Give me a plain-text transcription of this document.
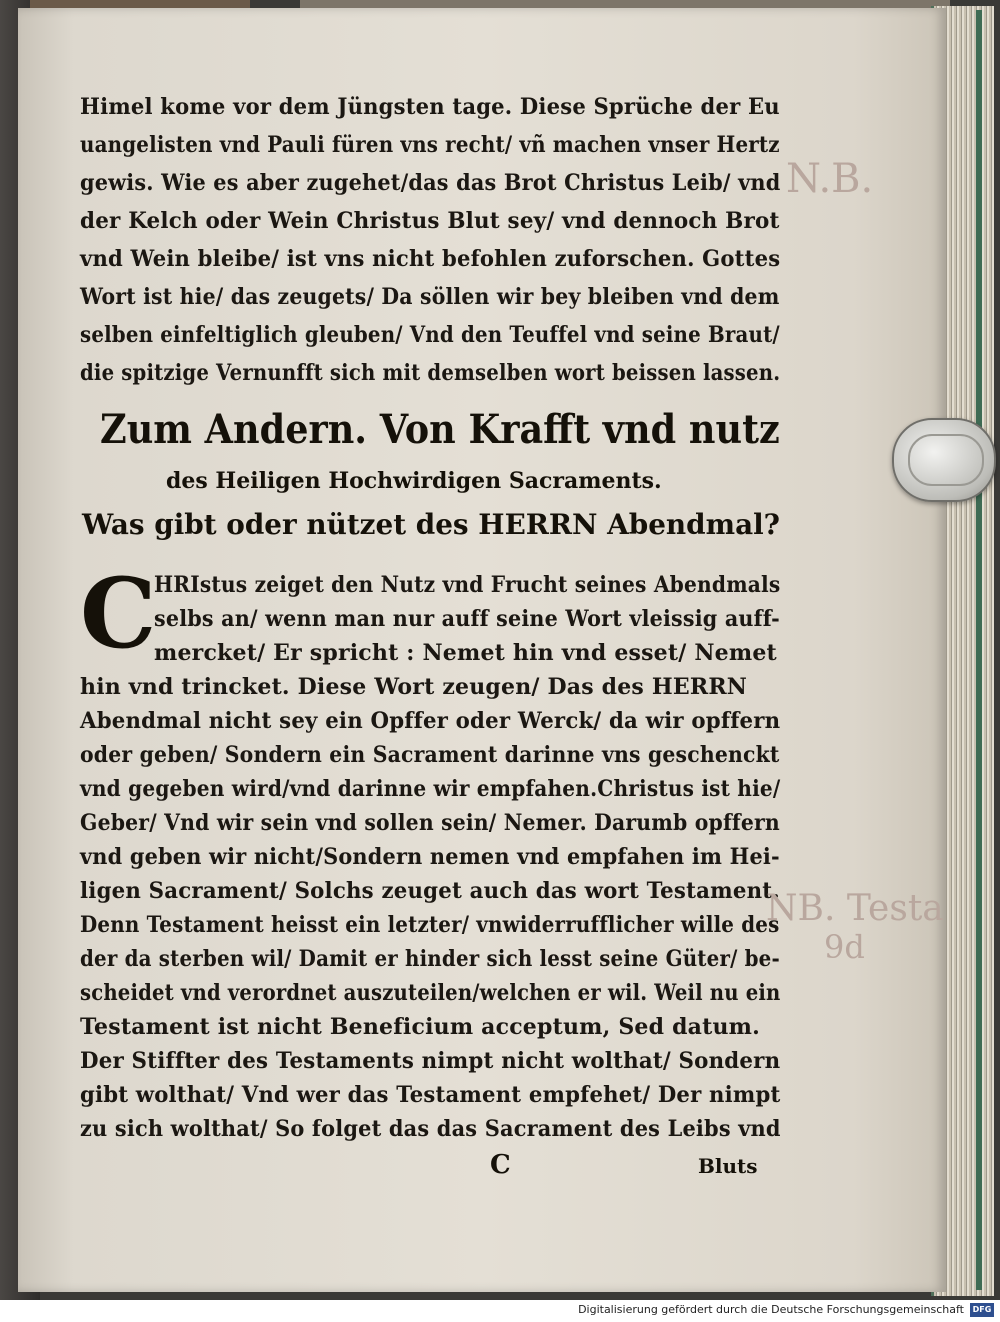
Himel kome vor dem Jüngsten tage. Diese Sprüche der Eu
uangelisten vnd Pauli füren vns recht/ vñ machen vnser Hertz
gewis. Wie es aber zugehet/das das Brot Christus Leib/ vnd
der Kelch oder Wein Christus Blut sey/ vnd dennoch Brot
vnd Wein bleibe/ ist vns nicht befohlen zuforschen. Gottes
Wort ist hie/ das zeugets/ Da söllen wir bey bleiben vnd dem
selben einfeltiglich gleuben/ Vnd den Teuffel vnd seine Braut/
die spitzige Vernunfft sich mit demselben wort beissen lassen.
Zum Andern. Von Krafft vnd nutz
des Heiligen Hochwirdigen Sacraments.
Was gibt oder nützet des HERRN Abendmal?
C
HRIstus zeiget den Nutz vnd Frucht seines Abendmals
selbs an/ wenn man nur auff seine Wort vleissig auff-
mercket/ Er spricht : Nemet hin vnd esset/ Nemet
hin vnd trincket. Diese Wort zeugen/ Das des HERRN
Abendmal nicht sey ein Opffer oder Werck/ da wir opffern
oder geben/ Sondern ein Sacrament darinne vns geschenckt
vnd gegeben wird/vnd darinne wir empfahen.Christus ist hie/
Geber/ Vnd wir sein vnd sollen sein/ Nemer. Darumb opffern
vnd geben wir nicht/Sondern nemen vnd empfahen im Hei-
ligen Sacrament/ Solchs zeuget auch das wort Testament.
Denn Testament heisst ein letzter/ vnwiderrufflicher wille des
der da sterben wil/ Damit er hinder sich lesst seine Güter/ be-
scheidet vnd verordnet auszuteilen/welchen er wil. Weil nu ein
Testament ist nicht Beneficium acceptum, Sed datum.
Der Stiffter des Testaments nimpt nicht wolthat/ Sondern
gibt wolthat/ Vnd wer das Testament empfehet/ Der nimpt
zu sich wolthat/ So folget das das Sacrament des Leibs vnd
C	Bluts
N.B.
NB. Testa
9d
Digitalisierung gefördert durch die Deutsche Forschungsgemeinschaft	DFG
